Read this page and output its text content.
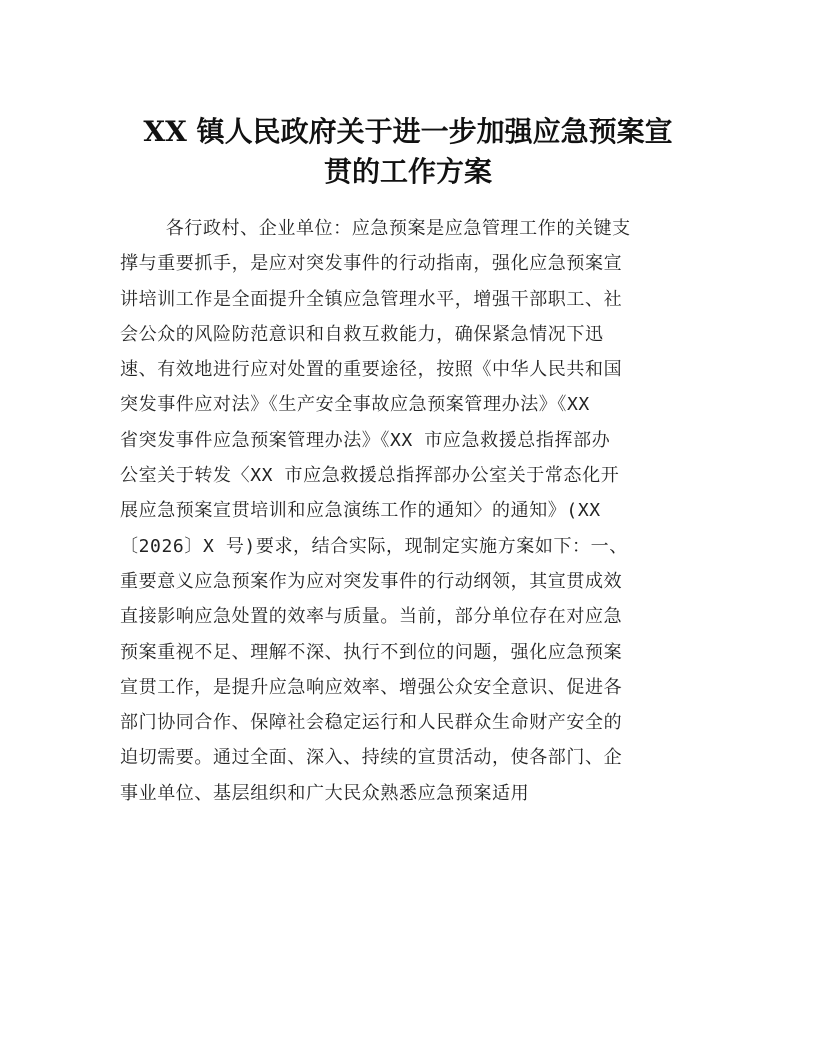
XX 镇人民政府关于进一步加强应急预案宣
贯的工作方案
各行政村、企业单位：应急预案是应急管理工作的关键支
撑与重要抓手，是应对突发事件的行动指南，强化应急预案宣
讲培训工作是全面提升全镇应急管理水平，增强干部职工、社
会公众的风险防范意识和自救互救能力，确保紧急情况下迅
速、有效地进行应对处置的重要途径，按照《中华人民共和国
突发事件应对法》《生产安全事故应急预案管理办法》《XX
省突发事件应急预案管理办法》《XX 市应急救援总指挥部办
公室关于转发〈XX 市应急救援总指挥部办公室关于常态化开
展应急预案宣贯培训和应急演练工作的通知〉的通知》(XX
〔2026〕X 号)要求，结合实际，现制定实施方案如下：一、
重要意义应急预案作为应对突发事件的行动纲领，其宣贯成效
直接影响应急处置的效率与质量。当前，部分单位存在对应急
预案重视不足、理解不深、执行不到位的问题，强化应急预案
宣贯工作，是提升应急响应效率、增强公众安全意识、促进各
部门协同合作、保障社会稳定运行和人民群众生命财产安全的
迫切需要。通过全面、深入、持续的宣贯活动，使各部门、企
事业单位、基层组织和广大民众熟悉应急预案适用
